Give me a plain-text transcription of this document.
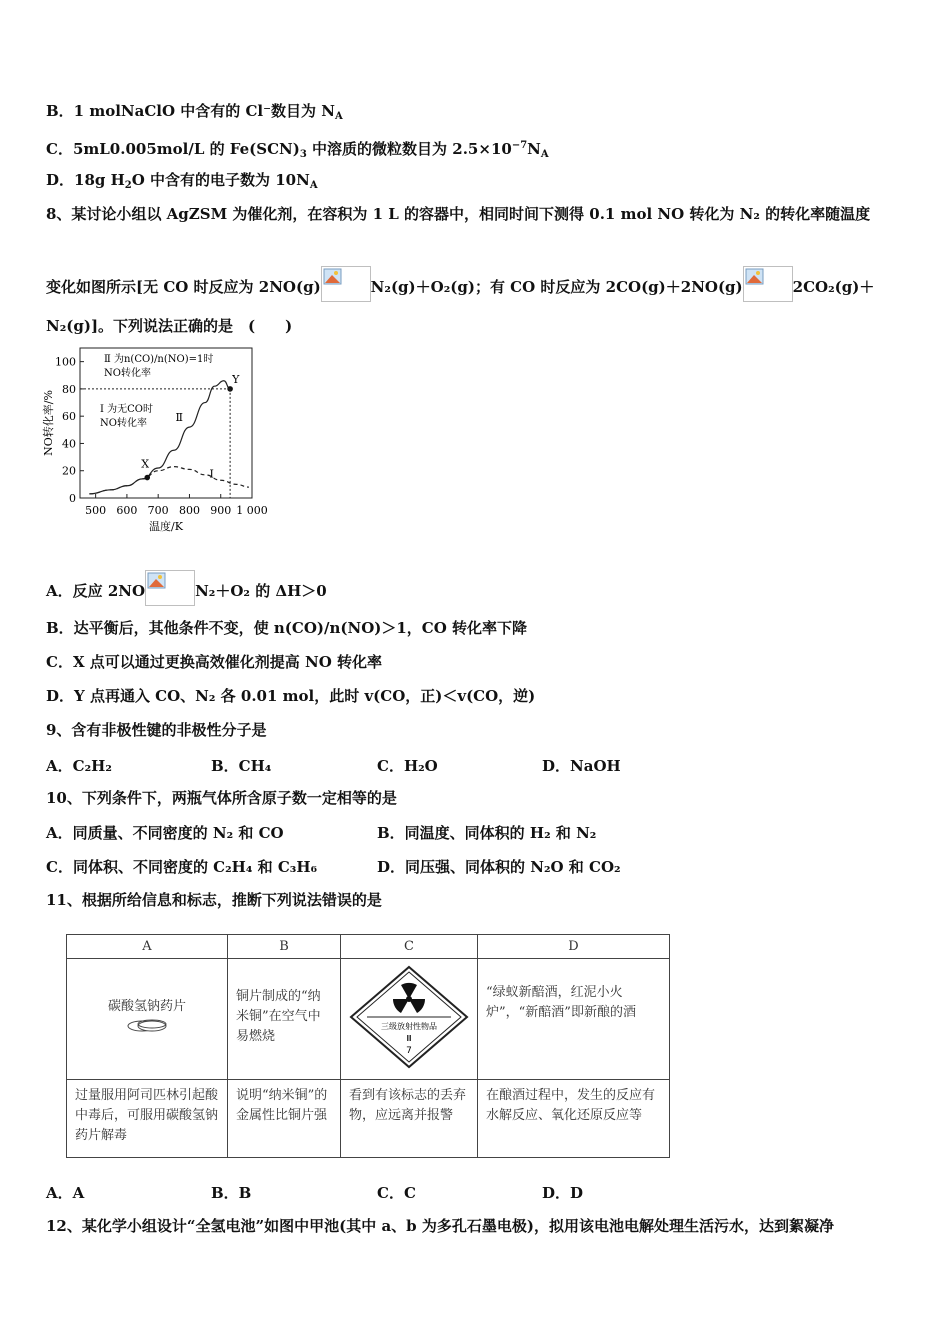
B．1 molNaClO 中含有的 Cl⁻数目为 $N_A$
C．5mL0.005mol/L 的 $Fe(SCN)_3$ 中溶质的微粒数目为 $2.5\times 10^{-7}N_A$
D．18g $H_2O$ 中含有的电子数为 $10N_A$
8、某讨论小组以 AgZSM 为催化剂，在容积为 1 L 的容器中，相同时间下测得 0.1 mol NO 转化为 N₂ 的转化率随温度
变化如图所示[无 CO 时反应为 2NO(g)	N₂(g)＋O₂(g)；有 CO 时反应为 2CO(g)＋2NO(g)	2CO₂(g)＋
N₂(g)]。下列说法正确的是　(　　)
0
20
40
60
80
100
500 600 700 800 900 1 000
温度/K
NO转化率/%	Ⅱ
Ⅰ
X
Y
Ⅱ 为n(CO)/n(NO)=1时
NO转化率
Ⅰ 为无CO时
NO转化率
A．反应 2NO	N₂＋O₂ 的 ΔH＞0
B．达平衡后，其他条件不变，使 n(CO)/n(NO)＞1，CO 转化率下降
C．X 点可以通过更换高效催化剂提高 NO 转化率
D．Y 点再通入 CO、N₂ 各 0.01 mol，此时 v(CO，正)＜v(CO，逆)
9、含有非极性键的非极性分子是
A．C₂H₂	B．CH₄	C．H₂O	D．NaOH
10、下列条件下，两瓶气体所含原子数一定相等的是
A．同质量、不同密度的 N₂ 和 CO	B．同温度、同体积的 H₂ 和 N₂
C．同体积、不同密度的 C₂H₄ 和 C₃H₆	D．同压强、同体积的 N₂O 和 CO₂
11、根据所给信息和标志，推断下列说法错误的是
A	B	C	D

碳酸氢钠药片	铜片制成的“纳米铜”在空气中易燃烧	三级放射性物品
Ⅲ
7	“绿蚁新醅酒，红泥小火炉”，“新醅酒”即新酿的酒
过量服用阿司匹林引起酸中毒后，可服用碳酸氢钠药片解毒	说明“纳米铜”的金属性比铜片强	看到有该标志的丢弃物，应远离并报警	在酿酒过程中，发生的反应有水解反应、氧化还原反应等
A．A	B．B	C．C	D．D
12、某化学小组设计“全氢电池”如图中甲池(其中 a、b 为多孔石墨电极)，拟用该电池电解处理生活污水，达到絮凝净
